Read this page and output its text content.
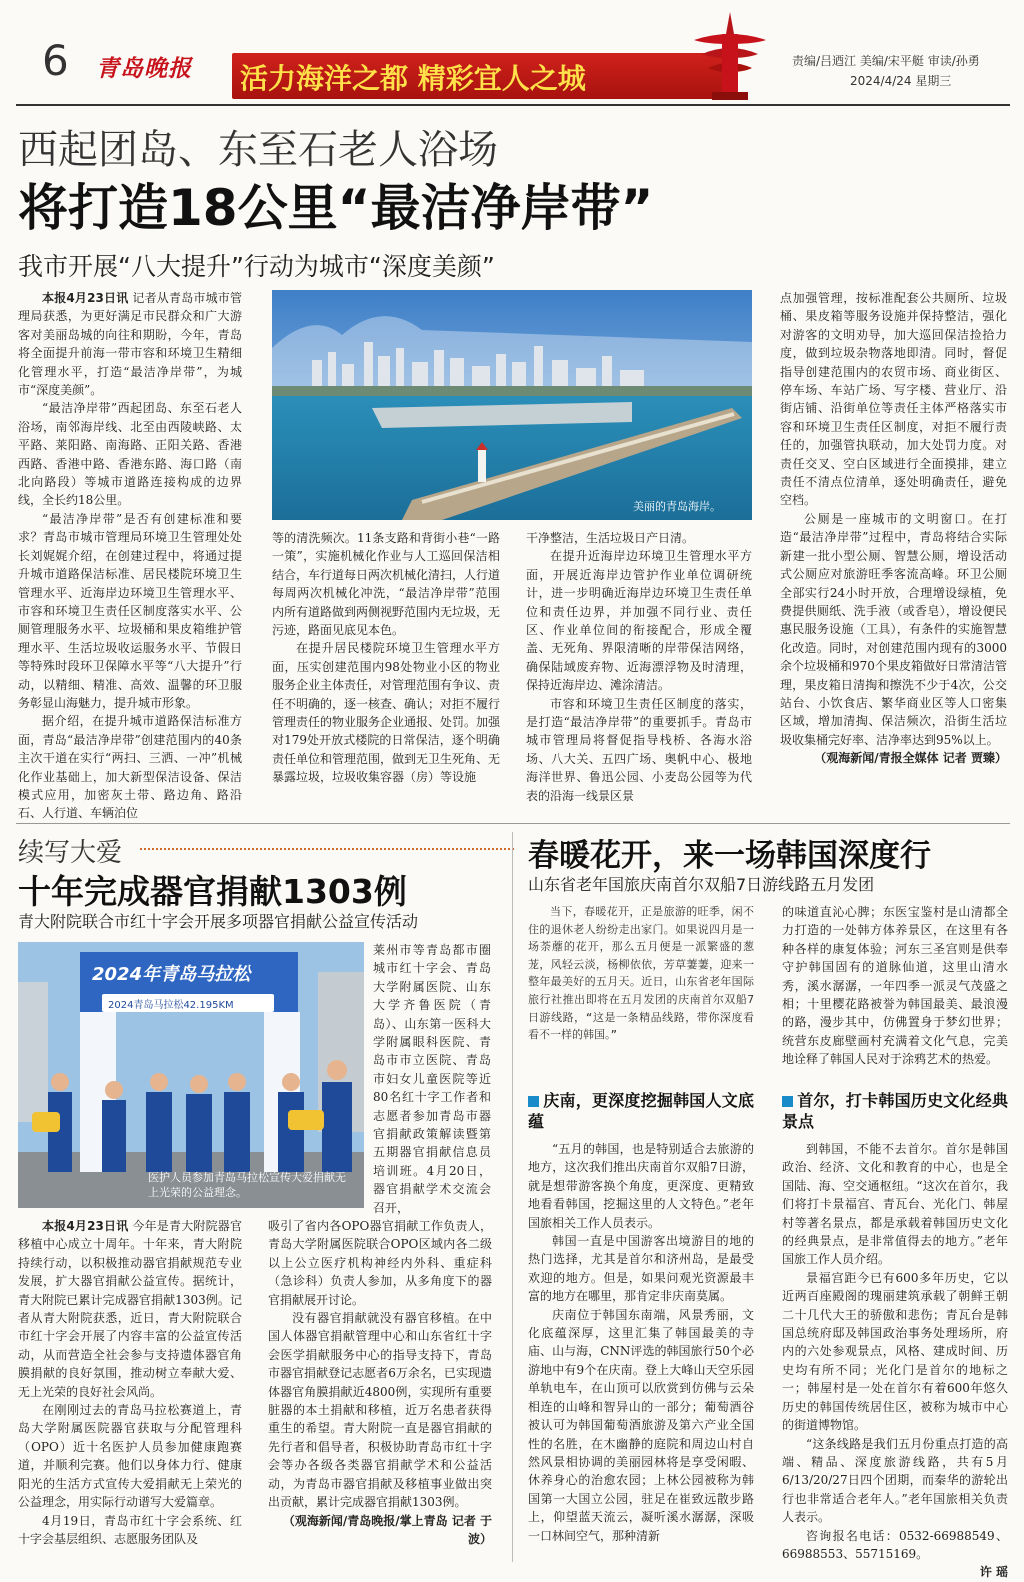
6 青岛晚报 活力海洋之都 精彩宜人之城
责编/吕迺江 美编/宋平艇 审读/孙勇
2024/4/24 星期三
西起团岛、东至石老人浴场
将打造18公里“最洁净岸带”
我市开展“八大提升”行动为城市“深度美颜”

本报4月23日讯 记者从青岛市城市管理局获悉，为更好满足市民群众和广大游客对美丽岛城的向往和期盼，今年，青岛将全面提升前海一带市容和环境卫生精细化管理水平，打造“最洁净岸带”，为城市“深度美颜”。

“最洁净岸带”西起团岛、东至石老人浴场，南邻海岸线、北至由西陵峡路、太平路、莱阳路、南海路、正阳关路、香港西路、香港中路、香港东路、海口路（南北向路段）等城市道路连接构成的边界线，全长约18公里。

“最洁净岸带”是否有创建标准和要求？青岛市城市管理局环境卫生管理处处长刘娓娓介绍，在创建过程中，将通过提升城市道路保洁标准、居民楼院环境卫生管理水平、近海岸边环境卫生管理水平、市容和环境卫生责任区制度落实水平、公厕管理服务水平、垃圾桶和果皮箱维护管理水平、生活垃圾收运服务水平、节假日等特殊时段环卫保障水平等“八大提升”行动，以精细、精准、高效、温馨的环卫服务彰显山海魅力，提升城市形象。

据介绍，在提升城市道路保洁标准方面，青岛“最洁净岸带”创建范围内的40条主次干道在实行“两扫、三洒、一冲”机械化作业基础上，加大新型保洁设备、保洁模式应用，加密灰土带、路边角、路沿石、人行道、车辆泊位

美丽的青岛海岸。

等的清洗频次。11条支路和背街小巷“一路一策”，实施机械化作业与人工巡回保洁相结合，车行道每日两次机械化清扫，人行道每周两次机械化冲洗，“最洁净岸带”范围内所有道路做到两侧视野范围内无垃圾，无污迹，路面见底见本色。

在提升居民楼院环境卫生管理水平方面，压实创建范围内98处物业小区的物业服务企业主体责任，对管理范围有争议、责任不明确的，逐一核查、确认；对拒不履行管理责任的物业服务企业通报、处罚。加强对179处开放式楼院的日常保洁，逐个明确责任单位和管理范围，做到无卫生死角、无暴露垃圾，垃圾收集容器（房）等设施

干净整洁，生活垃圾日产日清。

在提升近海岸边环境卫生管理水平方面，开展近海岸边管护作业单位调研统计，进一步明确近海岸边环境卫生责任单位和责任边界，并加强不同行业、责任区、作业单位间的衔接配合，形成全覆盖、无死角、界限清晰的岸带保洁网络，确保陆域废弃物、近海漂浮物及时清理，保持近海岸边、滩涂清洁。

市容和环境卫生责任区制度的落实，是打造“最洁净岸带”的重要抓手。青岛市城市管理局将督促指导栈桥、各海水浴场、八大关、五四广场、奥帆中心、极地海洋世界、鲁迅公园、小麦岛公园等为代表的沿海一线景区景

点加强管理，按标准配套公共厕所、垃圾桶、果皮箱等服务设施并保持整洁，强化对游客的文明劝导，加大巡回保洁捡拾力度，做到垃圾杂物落地即清。同时，督促指导创建范围内的农贸市场、商业街区、停车场、车站广场、写字楼、营业厅、沿街店铺、沿街单位等责任主体严格落实市容和环境卫生责任区制度，对拒不履行责任的，加强管执联动，加大处罚力度。对责任交叉、空白区域进行全面摸排，建立责任不清点位清单，逐处明确责任，避免空档。

公厕是一座城市的文明窗口。在打造“最洁净岸带”过程中，青岛将结合实际新建一批小型公厕、智慧公厕，增设活动式公厕应对旅游旺季客流高峰。环卫公厕全部实行24小时开放，合理增设绿植，免费提供厕纸、洗手液（或香皂），增设便民惠民服务设施（工具），有条件的实施智慧化改造。同时，对创建范围内现有的3000余个垃圾桶和970个果皮箱做好日常清洁管理，果皮箱日清掏和擦洗不少于4次，公交站台、小饮食店、繁华商业区等人口密集区域，增加清掏、保洁频次，沿街生活垃圾收集桶完好率、洁净率达到95%以上。

（观海新闻/青报全媒体 记者 贾臻）

续写大爱
十年完成器官捐献1303例
青大附院联合市红十字会开展多项器官捐献公益宣传活动
2024年青岛马拉松
2024青岛马拉松42.195KM
医护人员参加青岛马拉松宣传大爱捐献无上光荣的公益理念。

莱州市等青岛都市圈城市红十字会、青岛大学附属医院、山东大学齐鲁医院（青岛）、山东第一医科大学附属眼科医院、青岛市市立医院、青岛市妇女儿童医院等近80名红十字工作者和志愿者参加青岛市器官捐献政策解读暨第五期器官捐献信息员培训班。4月20日，器官捐献学术交流会召开，

本报4月23日讯 今年是青大附院器官移植中心成立十周年。十年来，青大附院持续行动，以积极推动器官捐献规范专业发展，扩大器官捐献公益宣传。据统计，青大附院已累计完成器官捐献1303例。记者从青大附院获悉，近日，青大附院联合市红十字会开展了内容丰富的公益宣传活动，从而营造全社会参与支持遗体器官角膜捐献的良好氛围，推动树立奉献大爱、无上光荣的良好社会风尚。

在刚刚过去的青岛马拉松赛道上，青岛大学附属医院器官获取与分配管理科（OPO）近十名医护人员参加健康跑赛道，并顺利完赛。他们以身体力行、健康阳光的生活方式宣传大爱捐献无上荣光的公益理念，用实际行动谱写大爱篇章。

4月19日，青岛市红十字会系统、红十字会基层组织、志愿服务团队及

吸引了省内各OPO器官捐献工作负责人，青岛大学附属医院联合OPO区域内各二级以上公立医疗机构神经内外科、重症科（急诊科）负责人参加，从多角度下的器官捐献展开讨论。

没有器官捐献就没有器官移植。在中国人体器官捐献管理中心和山东省红十字会医学捐献服务中心的指导支持下，青岛市器官捐献登记志愿者6万余名，已实现遗体器官角膜捐献近4800例，实现所有重要脏器的本土捐献和移植，近万名患者获得重生的希望。青大附院一直是器官捐献的先行者和倡导者，积极协助青岛市红十字会等办各级各类器官捐献学术和公益活动，为青岛市器官捐献及移植事业做出突出贡献，累计完成器官捐献1303例。

（观海新闻/青岛晚报/掌上青岛 记者 于波）

春暖花开，来一场韩国深度行
山东省老年国旅庆南首尔双船7日游线路五月发团

当下，春暖花开，正是旅游的旺季，闲不住的退休老人纷纷走出家门。如果说四月是一场荼蘼的花开，那么五月便是一派繁盛的葱茏，风轻云淡，杨柳依依，芳草萋萋，迎来一整年最美好的五月天。近日，山东省老年国际旅行社推出即将在五月发团的庆南首尔双船7日游线路，“这是一条精品线路，带你深度看看不一样的韩国。”

的味道直沁心脾；东医宝鉴村是山清都全力打造的一处韩方体养景区，在这里有各种各样的康复体验；河东三圣宫则是供奉守护韩国固有的道脉仙道，这里山清水秀，溪水潺潺，一年四季一派灵气茂盛之相；十里樱花路被誉为韩国最美、最浪漫的路，漫步其中，仿佛置身于梦幻世界；统营东皮廊壁画村充满着文化气息，完美地诠释了韩国人民对于涂鸦艺术的热爱。

庆南，更深度挖掘韩国人文底蕴

“五月的韩国，也是特别适合去旅游的地方，这次我们推出庆南首尔双船7日游，就是想带游客换个角度，更深度、更精致地看看韩国，挖掘这里的人文特色。”老年国旅相关工作人员表示。

韩国一直是中国游客出境游目的地的热门选择，尤其是首尔和济州岛，是最受欢迎的地方。但是，如果问观光资源最丰富的地方在哪里，那肯定非庆南莫属。

庆南位于韩国东南端，风景秀丽，文化底蕴深厚，这里汇集了韩国最美的寺庙、山与海，CNN评选的韩国旅行50个必游地中有9个在庆南。登上大峰山天空乐园单轨电车，在山顶可以欣赏到仿佛与云朵相连的山峰和智异山的一部分；葡萄酒谷被认可为韩国葡萄酒旅游及第六产业全国性的名胜，在木幽静的庭院和周边山村自然风景相协调的美丽园林将是享受闲暇、休养身心的治愈农园；上林公园被称为韩国第一大国立公园，驻足在崔致远散步路上，仰望蓝天流云，凝听溪水潺潺，深吸一口林间空气，那种清新

首尔，打卡韩国历史文化经典景点

到韩国，不能不去首尔。首尔是韩国政治、经济、文化和教育的中心，也是全国陆、海、空交通枢纽。“这次在首尔，我们将打卡景福宫、青瓦台、光化门、韩屋村等著名景点，都是承载着韩国历史文化的经典景点，是非常值得去的地方。”老年国旅工作人员介绍。

景福宫距今已有600多年历史，它以近两百座殿阁的瑰丽建筑承载了朝鲜王朝二十几代大王的骄傲和悲伤；青瓦台是韩国总统府邸及韩国政治事务处理场所，府内的六处参观景点，风格、建成时间、历史均有所不同；光化门是首尔的地标之一；韩屋村是一处在首尔有着600年悠久历史的韩国传统居住区，被称为城市中心的街道博物馆。

“这条线路是我们五月份重点打造的高端、精品、深度旅游线路，共有5月6/13/20/27日四个团期，而秦华的游轮出行也非常适合老年人。”老年国旅相关负责人表示。

咨询报名电话：0532-66988549、66988553、55715169。

许 瑶
